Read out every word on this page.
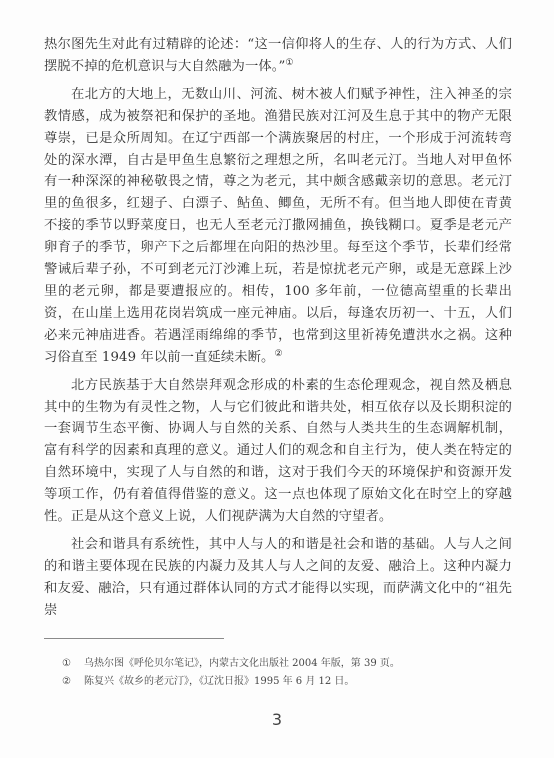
热尔图先生对此有过精辟的论述：“这一信仰将人的生存、人的行为方式、人们摆脱不掉的危机意识与大自然融为一体。”①

在北方的大地上，无数山川、河流、树木被人们赋予神性，注入神圣的宗教情感，成为被祭祀和保护的圣地。渔猎民族对江河及生息于其中的物产无限尊崇，已是众所周知。在辽宁西部一个满族聚居的村庄，一个形成于河流转弯处的深水潭，自古是甲鱼生息繁衍之理想之所，名叫老元汀。当地人对甲鱼怀有一种深深的神秘敬畏之情，尊之为老元，其中颇含感戴亲切的意思。老元汀里的鱼很多，红翅子、白漂子、鲇鱼、鲫鱼，无所不有。但当地人即使在青黄不接的季节以野菜度日，也无人至老元汀撒网捕鱼，换钱糊口。夏季是老元产卵育子的季节，卵产下之后都埋在向阳的热沙里。每至这个季节，长辈们经常警诫后辈子孙，不可到老元汀沙滩上玩，若是惊扰老元产卵，或是无意踩上沙里的老元卵，都是要遭报应的。相传，100 多年前，一位德高望重的长辈出资，在山崖上选用花岗岩筑成一座元神庙。以后，每逢农历初一、十五，人们必来元神庙进香。若遇淫雨绵绵的季节，也常到这里祈祷免遭洪水之祸。这种习俗直至 1949 年以前一直延续未断。②

北方民族基于大自然崇拜观念形成的朴素的生态伦理观念，视自然及栖息其中的生物为有灵性之物，人与它们彼此和谐共处，相互依存以及长期积淀的一套调节生态平衡、协调人与自然的关系、自然与人类共生的生态调解机制，富有科学的因素和真理的意义。通过人们的观念和自主行为，使人类在特定的自然环境中，实现了人与自然的和谐，这对于我们今天的环境保护和资源开发等项工作，仍有着值得借鉴的意义。这一点也体现了原始文化在时空上的穿越性。正是从这个意义上说，人们视萨满为大自然的守望者。

社会和谐具有系统性，其中人与人的和谐是社会和谐的基础。人与人之间的和谐主要体现在民族的内凝力及其人与人之间的友爱、融洽上。这种内凝力和友爱、融洽，只有通过群体认同的方式才能得以实现，而萨满文化中的“祖先崇

①	乌热尔图《呼伦贝尔笔记》，内蒙古文化出版社 2004 年版，第 39 页。
②	陈复兴《故乡的老元汀》，《辽沈日报》1995 年 6 月 12 日。
3
